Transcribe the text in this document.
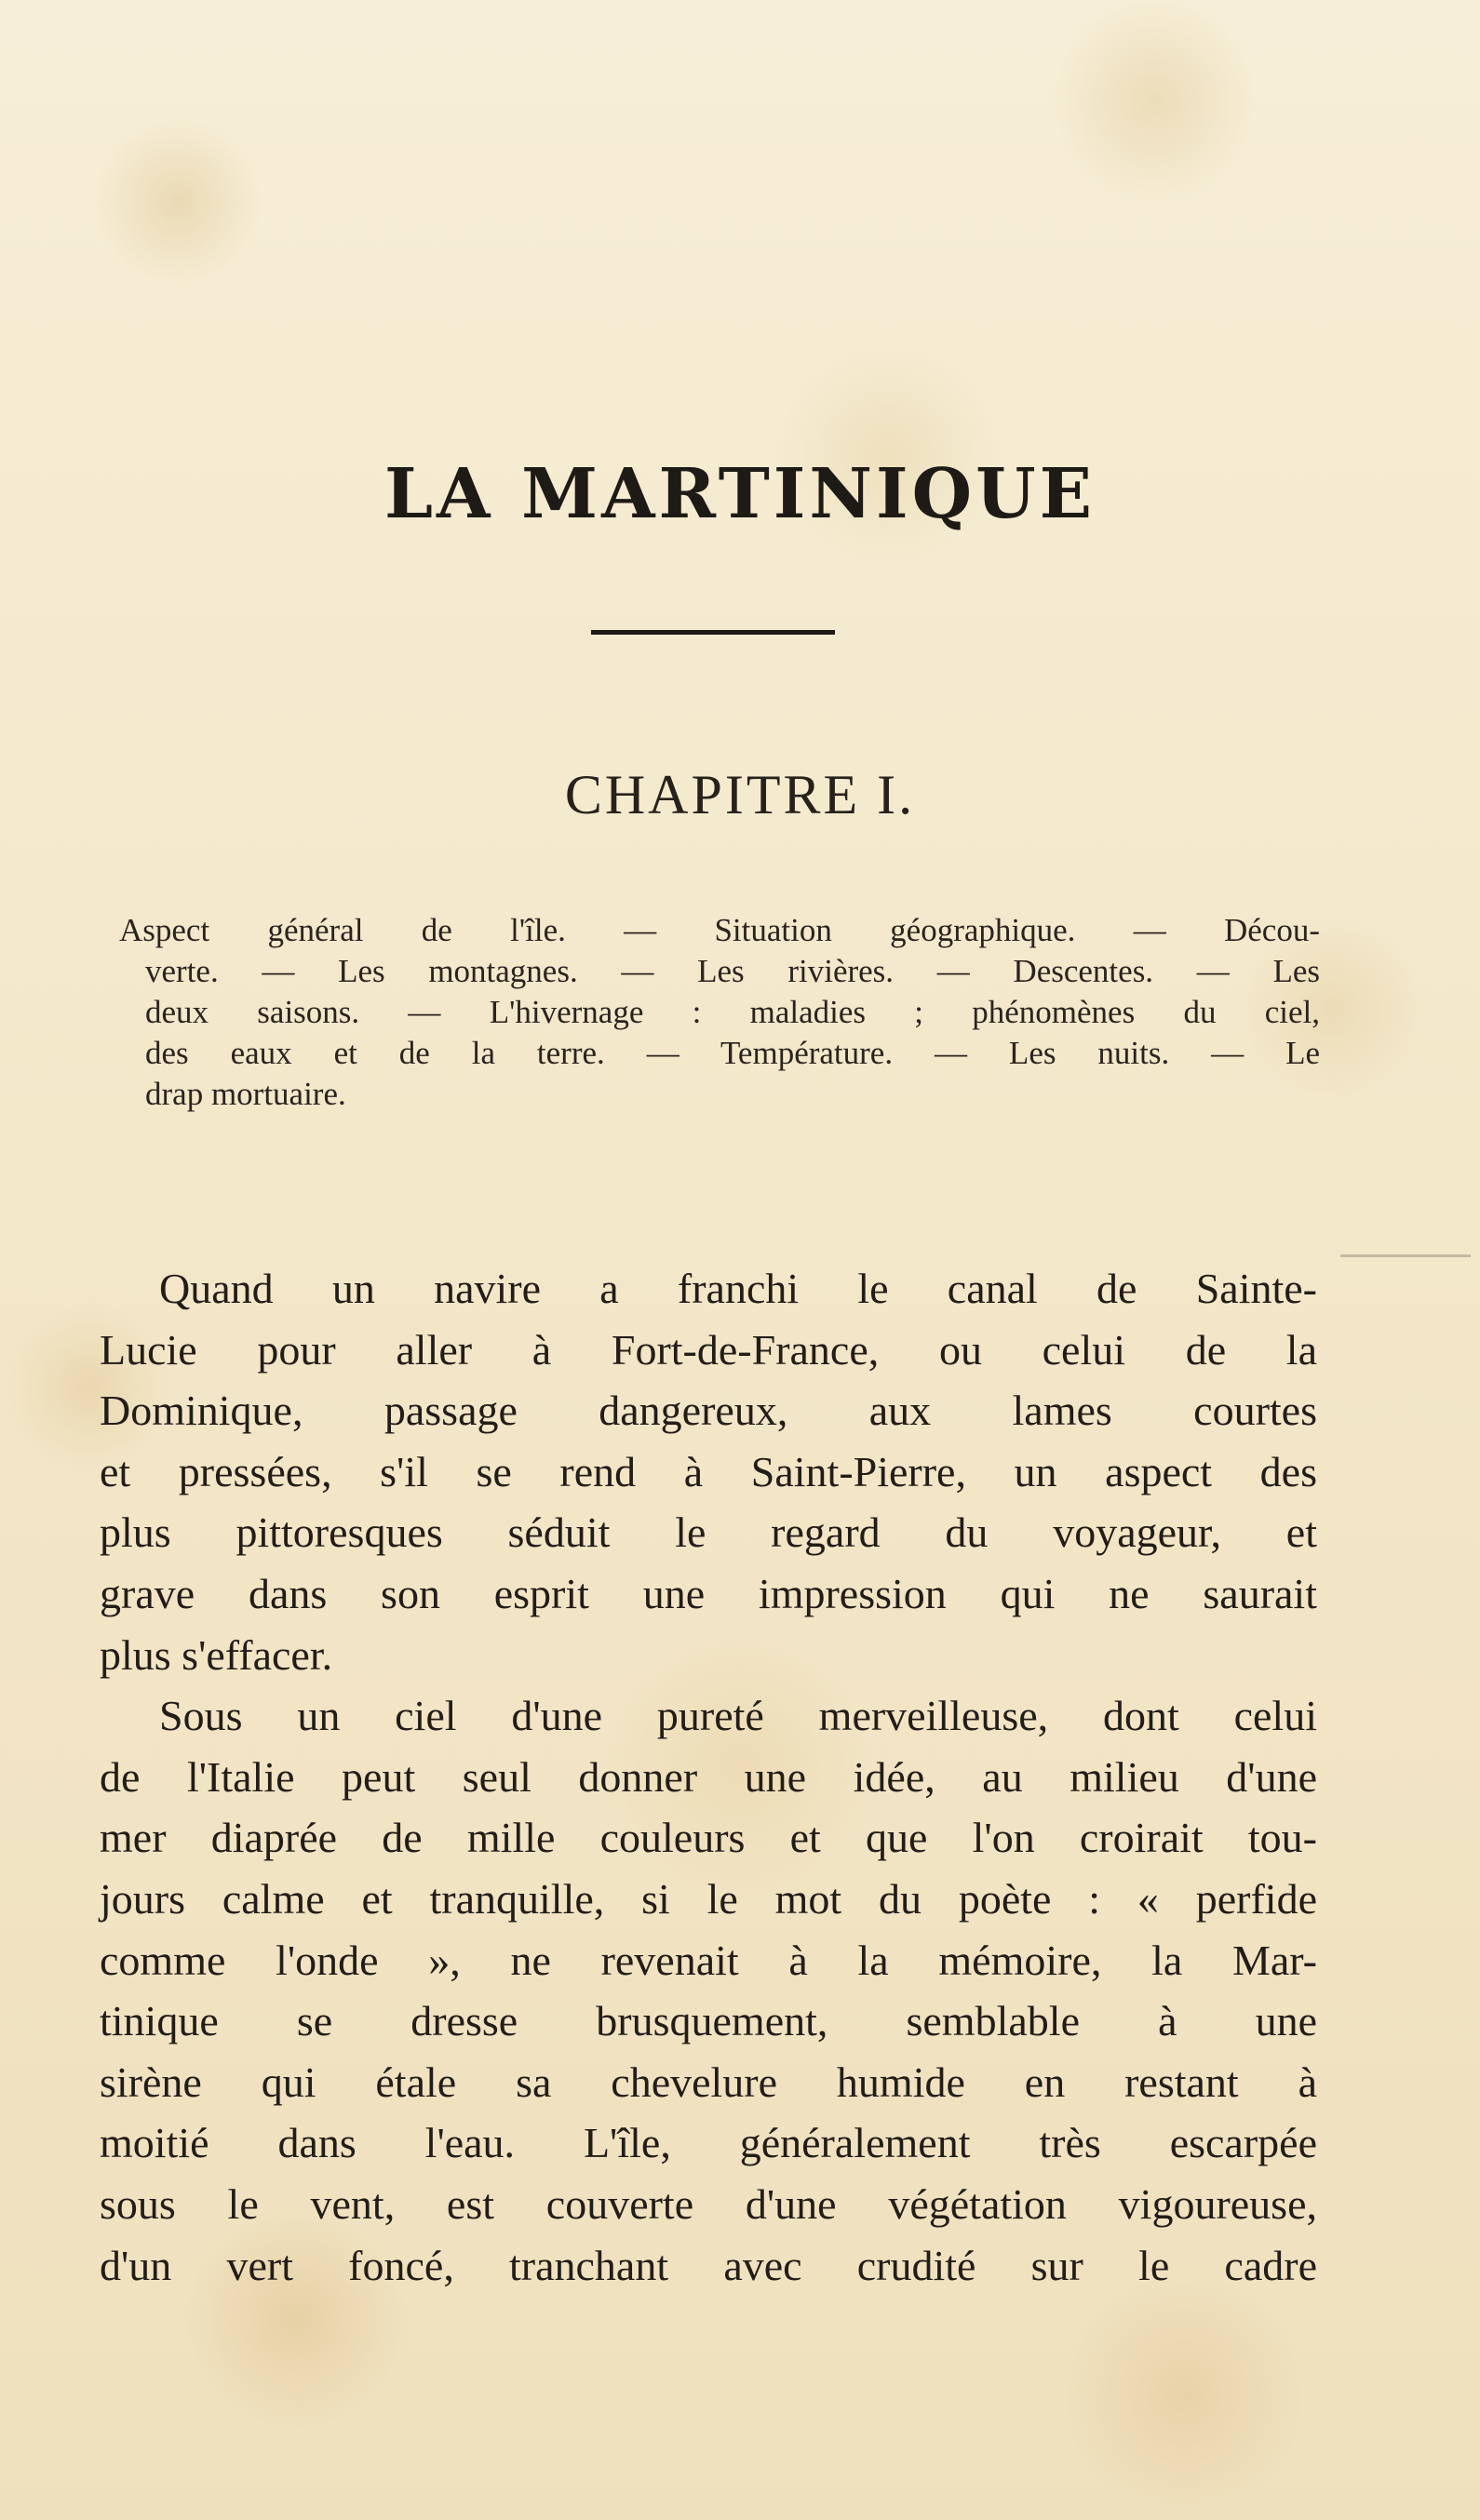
LA MARTINIQUE
CHAPITRE I.
Aspect général de l'île. — Situation géographique. — Décou-
verte. — Les montagnes. — Les rivières. — Descentes. — Les
deux saisons. — L'hivernage : maladies ; phénomènes du ciel,
des eaux et de la terre. — Température. — Les nuits. — Le
drap mortuaire.
Quand un navire a franchi le canal de Sainte-
Lucie pour aller à Fort-de-France, ou celui de la
Dominique, passage dangereux, aux lames courtes
et pressées, s'il se rend à Saint-Pierre, un aspect des
plus pittoresques séduit le regard du voyageur, et
grave dans son esprit une impression qui ne saurait
plus s'effacer.
Sous un ciel d'une pureté merveilleuse, dont celui
de l'Italie peut seul donner une idée, au milieu d'une
mer diaprée de mille couleurs et que l'on croirait tou-
jours calme et tranquille, si le mot du poète : « perfide
comme l'onde », ne revenait à la mémoire, la Mar-
tinique se dresse brusquement, semblable à une
sirène qui étale sa chevelure humide en restant à
moitié dans l'eau. L'île, généralement très escarpée
sous le vent, est couverte d'une végétation vigoureuse,
d'un vert foncé, tranchant avec crudité sur le cadre
